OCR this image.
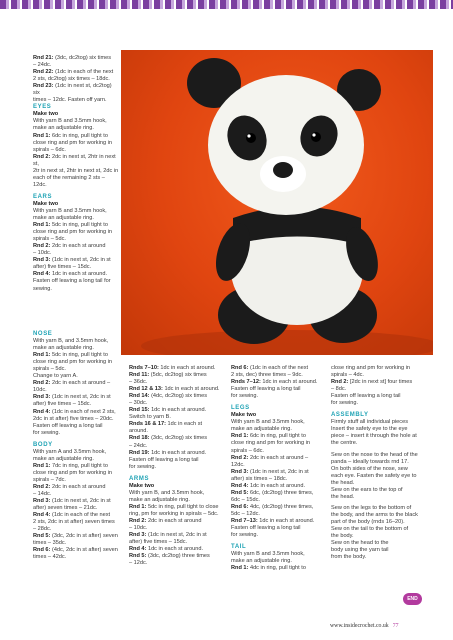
Rnd 21: (3dc, dc2tog) six times

– 24dc.

Rnd 22: (1dc in each of the next

2 sts, dc2tog) six times – 18dc.

Rnd 23: (1dc in next st, dc2tog) six

times – 12dc. Fasten off yarn.

EYES

Make two

With yarn B and 3.5mm hook,

make an adjustable ring.

Rnd 1: 6dc in ring, pull tight to

close ring and pm for working in

spirals – 6dc.

Rnd 2: 2dc in next st, 2htr in next st,

2tr in next st, 2htr in next st, 2dc in

each of the remaining 2 sts – 12dc.

EARS

Make two

With yarn B and 3.5mm hook,

make an adjustable ring.

Rnd 1: 5dc in ring, pull tight to

close ring and pm for working in

spirals – 5dc.

Rnd 2: 2dc in each st around

– 10dc.

Rnd 3: (1dc in next st, 2dc in st

after) five times – 15dc.

Rnd 4: 1dc in each st around.

Fasten off leaving a long tail for

sewing.

NOSE

With yarn B, and 3.5mm hook,

make an adjustable ring.

Rnd 1: 5dc in ring, pull tight to

close ring and pm for working in

spirals – 5dc.

Change to yarn A.

Rnd 2: 2dc in each st around – 10dc.

Rnd 3: (1dc in next st, 2dc in st

after) five times – 15dc.

Rnd 4: (1dc in each of next 2 sts,

2dc in st after) five times – 20dc.

Fasten off leaving a long tail

for sewing.

BODY

With yarn A and 3.5mm hook,

make an adjustable ring.

Rnd 1: 7dc in ring, pull tight to

close ring and pm for working in

spirals – 7dc.

Rnd 2: 2dc in each st around

– 14dc.

Rnd 3: (1dc in next st, 2dc in st

after) seven times – 21dc.

Rnd 4: (1dc in each of the next

2 sts, 2dc in st after) seven times

– 28dc.

Rnd 5: (3dc, 2dc in st after) seven

times – 35dc.

Rnd 6: (4dc, 2dc in st after) seven

times – 42dc.

Rnds 7–10: 1dc in each st around.

Rnd 11: (5dc, dc2tog) six times

– 36dc.

Rnd 12 & 13: 1dc in each st around.

Rnd 14: (4dc, dc2tog) six times

– 30dc.

Rnd 15: 1dc in each st around.

Switch to yarn B.

Rnds 16 & 17: 1dc in each st

around.

Rnd 18: (3dc, dc2tog) six times

– 24dc.

Rnd 19: 1dc in each st around.

Fasten off leaving a long tail

for sewing.

ARMS

Make two

With yarn B, and 3.5mm hook,

make an adjustable ring.

Rnd 1: 5dc in ring, pull tight to close

ring, pm for working in spirals – 5dc.

Rnd 2: 2dc in each st around

– 10dc.

Rnd 3: (1dc in next st, 2dc in st

after) five times – 15dc.

Rnd 4: 1dc in each st around.

Rnd 5: (3dc, dc2tog) three times

– 12dc.

Rnd 6: (1dc in each of the next

2 sts, dec) three times – 9dc.

Rnds 7–12: 1dc in each st around.

Fasten off leaving a long tail

for sewing.

LEGS

Make two

With yarn B and 3.5mm hook,

make an adjustable ring.

Rnd 1: 6dc in ring, pull tight to

close ring and pm for working in

spirals – 6dc.

Rnd 2: 2dc in each st around – 12dc.

Rnd 3: (1dc in next st, 2dc in st

after) six times – 18dc.

Rnd 4: 1dc in each st around.

Rnd 5: 6dc, (dc2tog) three times,

6dc – 15dc.

Rnd 6: 4dc, (dc2tog) three times,

5dc – 12dc.

Rnd 7–13: 1dc in each st around.

Fasten off leaving a long tail

for sewing.

TAIL

With yarn B and 3.5mm hook,

make an adjustable ring.

Rnd 1: 4dc in ring, pull tight to

close ring and pm for working in

spirals – 4dc.

Rnd 2: [2dc in next st] four times

– 8dc.

Fasten off leaving a long tail

for sewing.

ASSEMBLY

Firmly stuff all individual pieces

Insert the safety eye to the eye

piece – insert it through the hole at

the centre.

Sew on the nose to the head of the

panda – ideally towards rnd 17.

On both sides of the nose, sew

each eye. Fasten the safety eye to

the head.

Sew on the ears to the top of

the head.

Sew on the legs to the bottom of

the body, and the arms to the black

part of the body (rnds 16–20).

Sew on the tail to the bottom of

the body.

Sew on the head to the

body using the yarn tail

from the body.

END
www.insidecrochet.co.uk 77
